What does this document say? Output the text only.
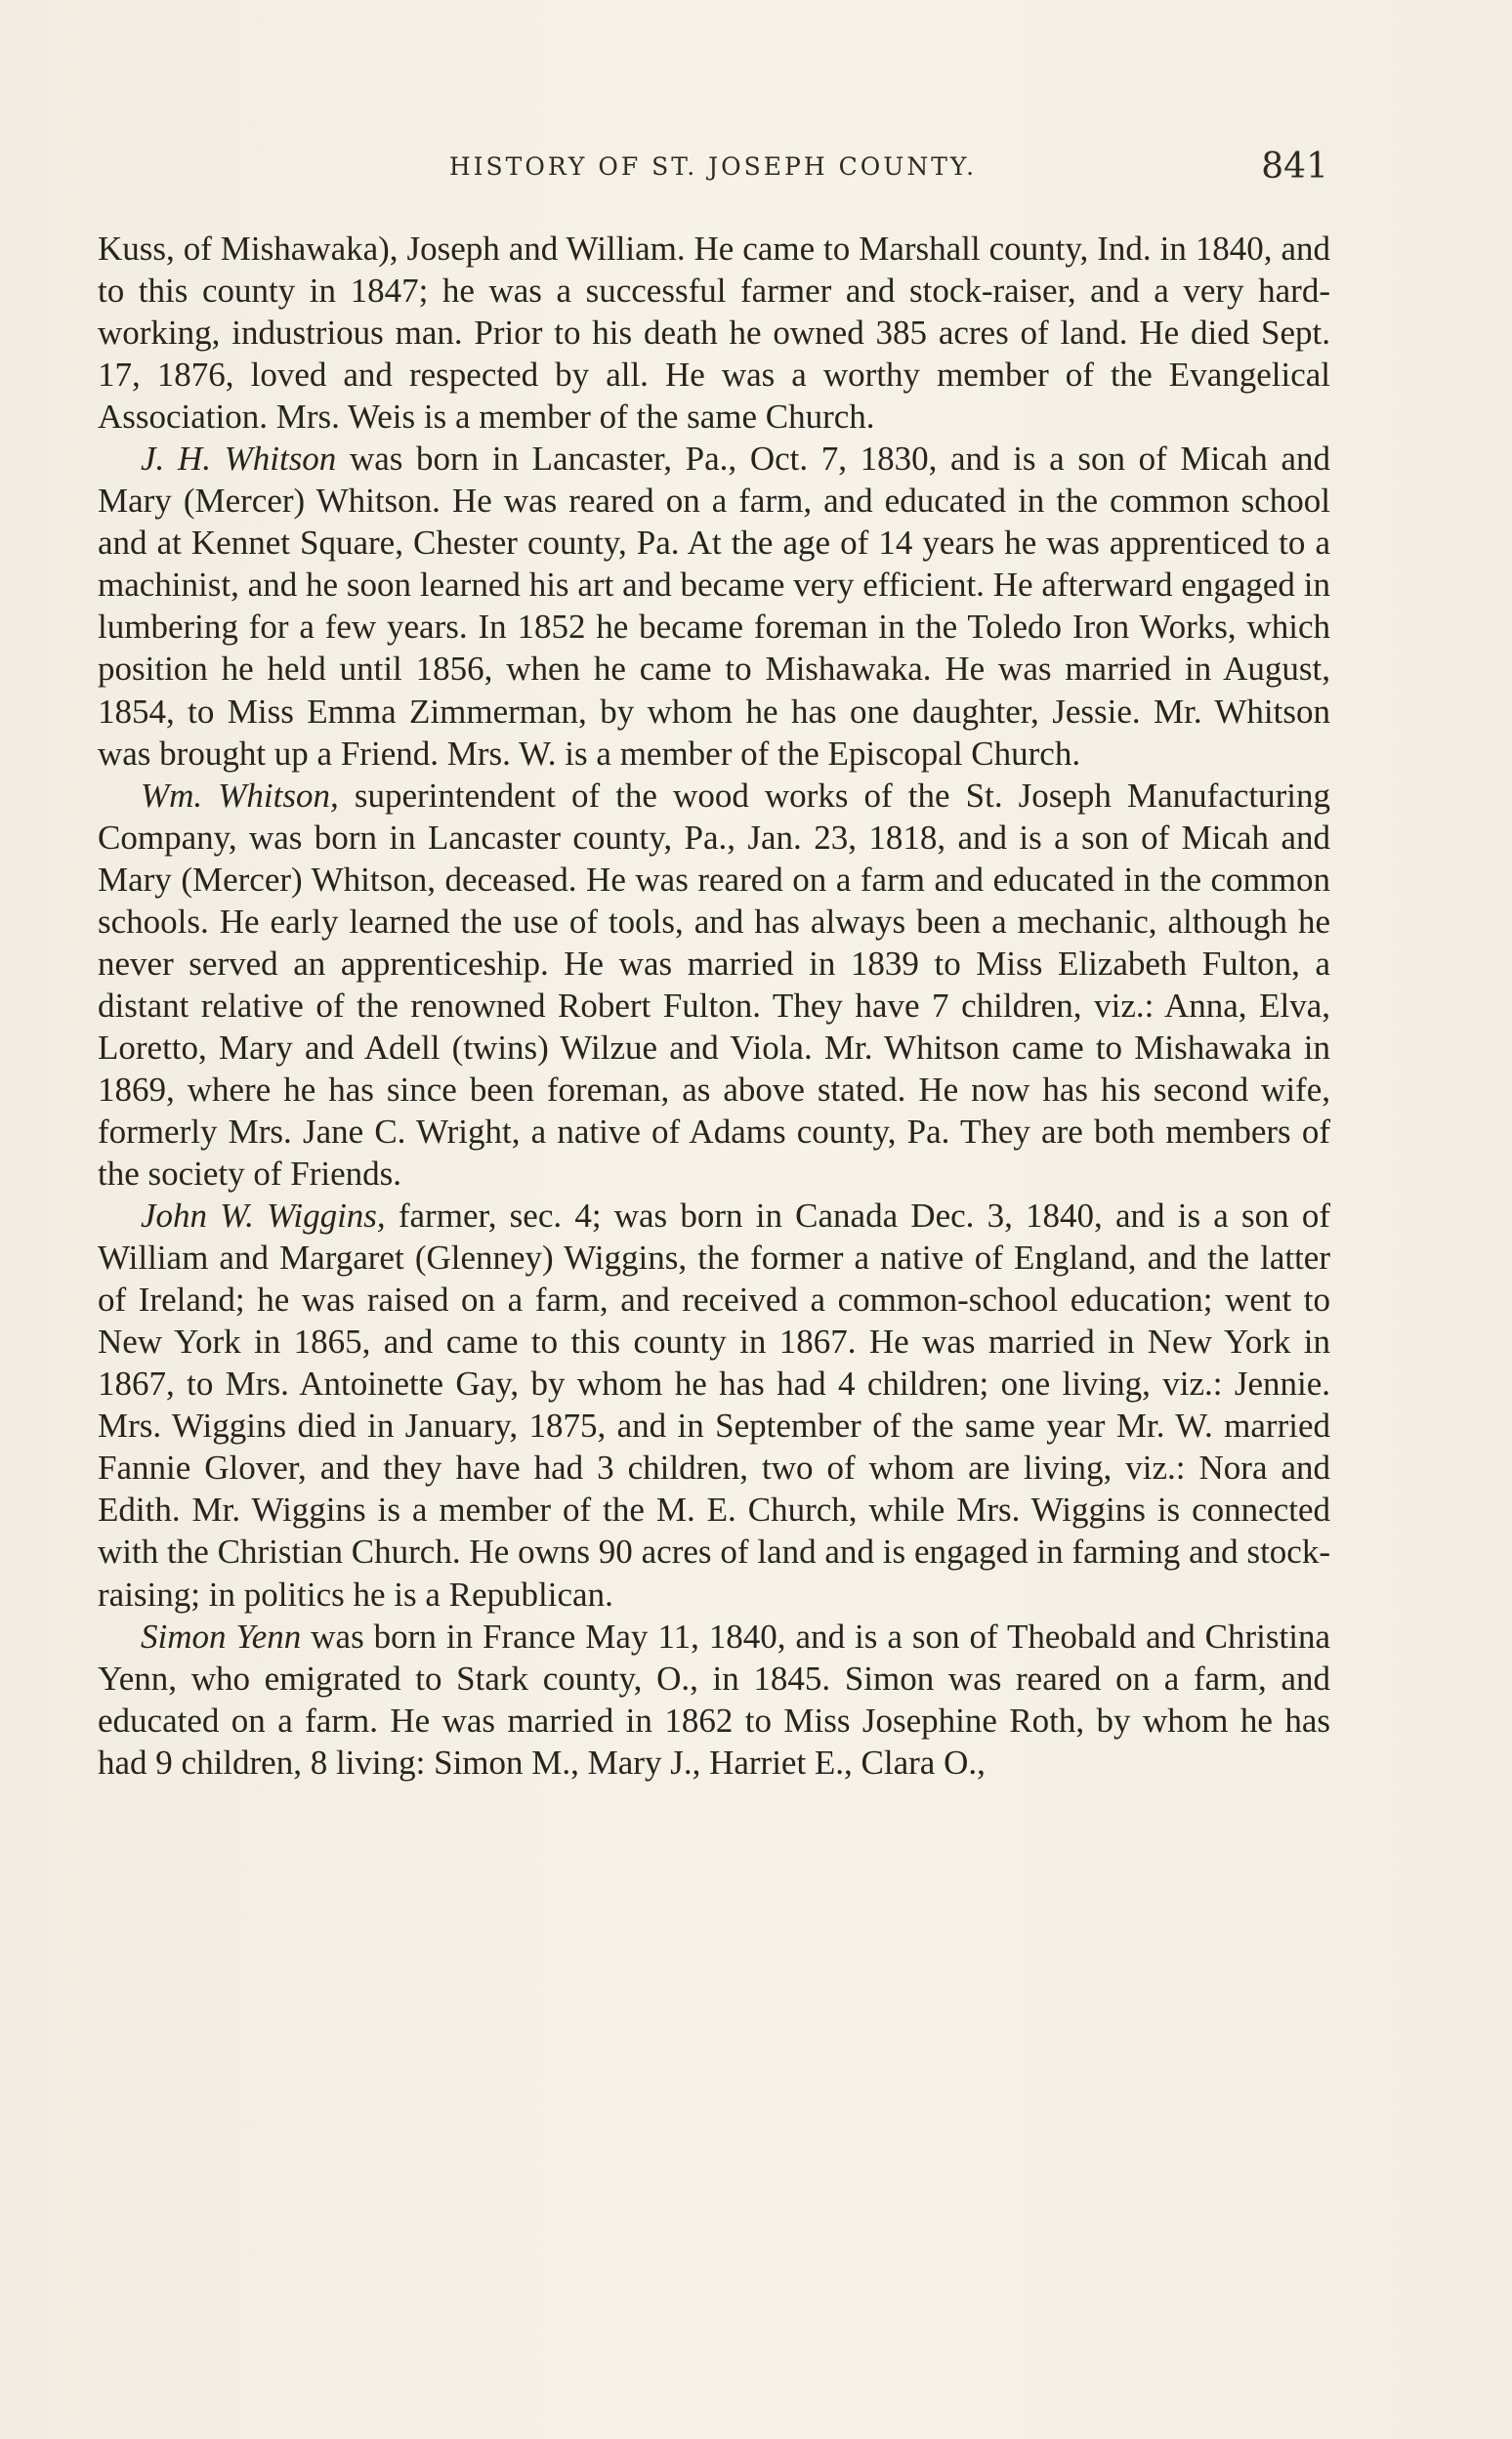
HISTORY OF ST. JOSEPH COUNTY.	841

Kuss, of Mishawaka), Joseph and William. He came to Marshall county, Ind. in 1840, and to this county in 1847; he was a successful farmer and stock-raiser, and a very hard-working, industrious man. Prior to his death he owned 385 acres of land. He died Sept. 17, 1876, loved and respected by all. He was a worthy member of the Evangelical Association. Mrs. Weis is a member of the same Church.

J. H. Whitson was born in Lancaster, Pa., Oct. 7, 1830, and is a son of Micah and Mary (Mercer) Whitson. He was reared on a farm, and educated in the common school and at Kennet Square, Chester county, Pa. At the age of 14 years he was apprenticed to a machinist, and he soon learned his art and became very efficient. He afterward engaged in lumbering for a few years. In 1852 he became foreman in the Toledo Iron Works, which position he held until 1856, when he came to Mishawaka. He was married in August, 1854, to Miss Emma Zimmerman, by whom he has one daughter, Jessie. Mr. Whitson was brought up a Friend. Mrs. W. is a member of the Episcopal Church.

Wm. Whitson, superintendent of the wood works of the St. Joseph Manufacturing Company, was born in Lancaster county, Pa., Jan. 23, 1818, and is a son of Micah and Mary (Mercer) Whitson, deceased. He was reared on a farm and educated in the common schools. He early learned the use of tools, and has always been a mechanic, although he never served an apprenticeship. He was married in 1839 to Miss Elizabeth Fulton, a distant relative of the renowned Robert Fulton. They have 7 children, viz.: Anna, Elva, Loretto, Mary and Adell (twins) Wilzue and Viola. Mr. Whitson came to Mishawaka in 1869, where he has since been foreman, as above stated. He now has his second wife, formerly Mrs. Jane C. Wright, a native of Adams county, Pa. They are both members of the society of Friends.

John W. Wiggins, farmer, sec. 4; was born in Canada Dec. 3, 1840, and is a son of William and Margaret (Glenney) Wiggins, the former a native of England, and the latter of Ireland; he was raised on a farm, and received a common-school education; went to New York in 1865, and came to this county in 1867. He was married in New York in 1867, to Mrs. Antoinette Gay, by whom he has had 4 children; one living, viz.: Jennie. Mrs. Wiggins died in January, 1875, and in September of the same year Mr. W. married Fannie Glover, and they have had 3 children, two of whom are living, viz.: Nora and Edith. Mr. Wiggins is a member of the M. E. Church, while Mrs. Wiggins is connected with the Christian Church. He owns 90 acres of land and is engaged in farming and stock-raising; in politics he is a Republican.

Simon Yenn was born in France May 11, 1840, and is a son of Theobald and Christina Yenn, who emigrated to Stark county, O., in 1845. Simon was reared on a farm, and educated on a farm. He was married in 1862 to Miss Josephine Roth, by whom he has had 9 children, 8 living: Simon M., Mary J., Harriet E., Clara O.,
